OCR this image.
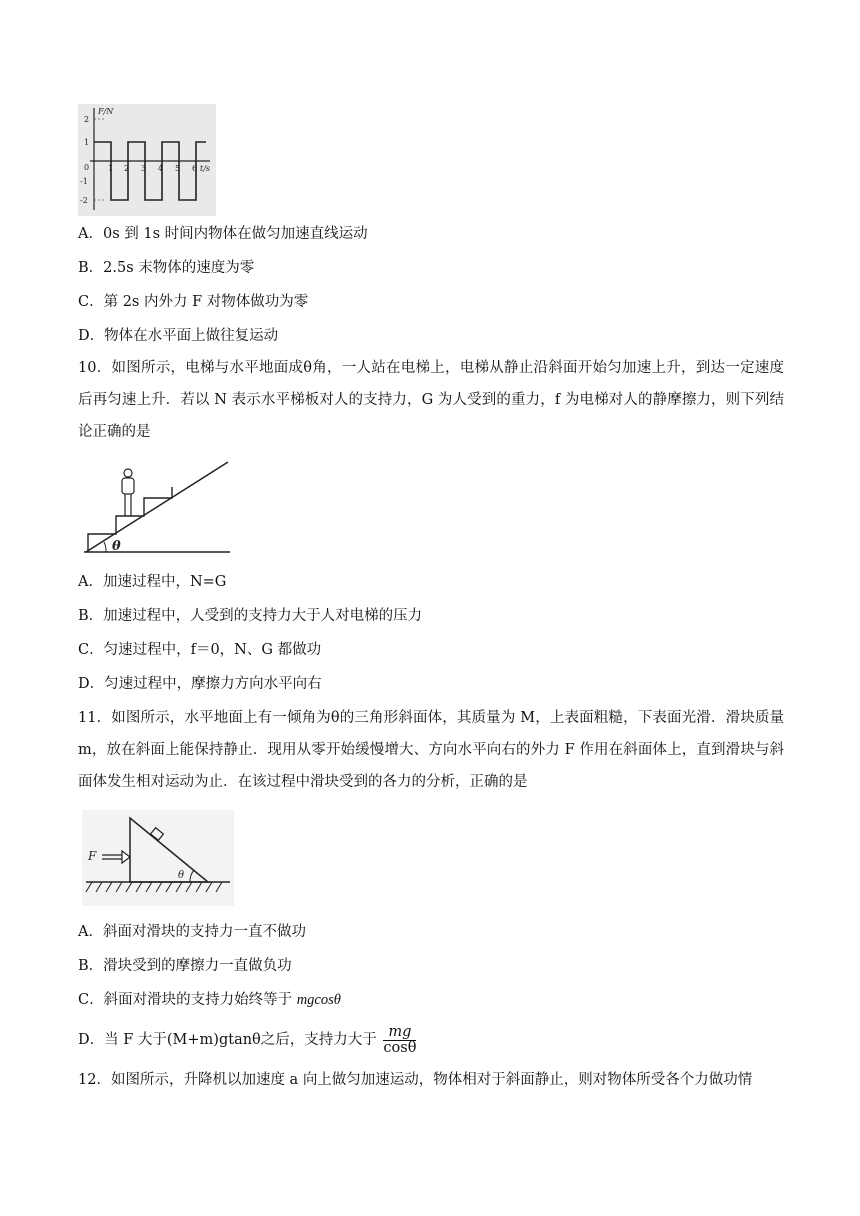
F/N
2
1
0
-1
-2
1 2 3 4 5 6 t/s
A．0s 到 1s 时间内物体在做匀加速直线运动
B．2.5s 末物体的速度为零
C．第 2s 内外力 F 对物体做功为零
D．物体在水平面上做往复运动
10．如图所示，电梯与水平地面成θ角，一人站在电梯上，电梯从静止沿斜面开始匀加速上升，到达一定速度后再匀速上升．若以 N 表示水平梯板对人的支持力，G 为人受到的重力，f 为电梯对人的静摩擦力，则下列结论正确的是
θ
A．加速过程中，N=G
B．加速过程中，人受到的支持力大于人对电梯的压力
C．匀速过程中，f＝0，N、G 都做功
D．匀速过程中，摩擦力方向水平向右
11．如图所示，水平地面上有一倾角为θ的三角形斜面体，其质量为 M，上表面粗糙，下表面光滑．滑块质量 m，放在斜面上能保持静止．现用从零开始缓慢增大、方向水平向右的外力 F 作用在斜面体上，直到滑块与斜面体发生相对运动为止．在该过程中滑块受到的各力的分析，正确的是
θ
F
A．斜面对滑块的支持力一直不做功
B．滑块受到的摩擦力一直做负功
C．斜面对滑块的支持力始终等于 mgcosθ
D．当 F 大于(M+m)gtanθ之后，支持力大于 $\frac{mg}{\cos\theta}$
12．如图所示，升降机以加速度 a 向上做匀加速运动，物体相对于斜面静止，则对物体所受各个力做功情
